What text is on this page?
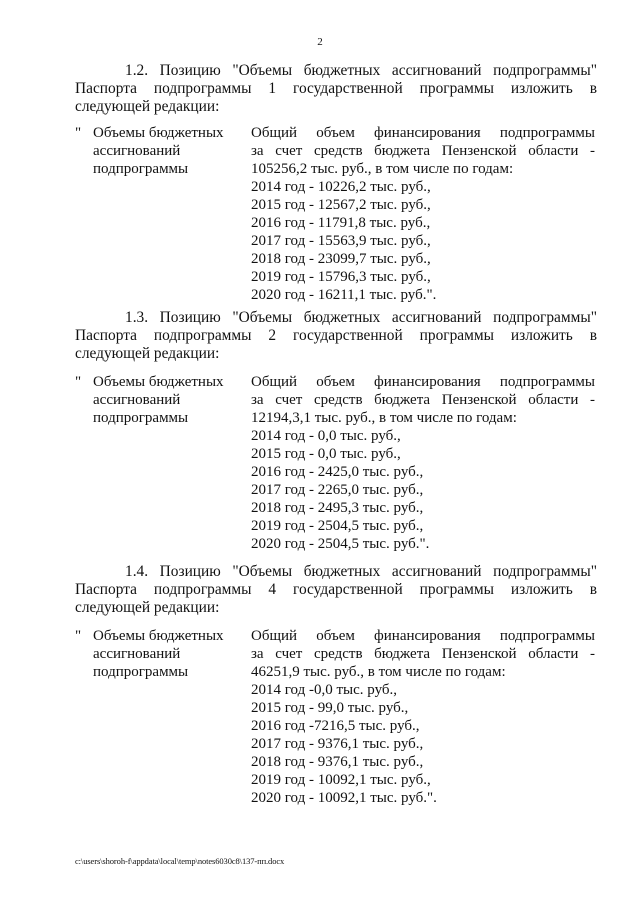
2

1.2. Позицию "Объемы бюджетных ассигнований подпрограммы"
Паспорта подпрограммы 1 государственной программы изложить в следующей редакции:

" Объемы бюджетных
ассигнований
подпрограммы
Общий объем финансирования подпрограммы
за счет средств бюджета Пензенской области -
105256,2 тыс. руб., в том числе по годам:
2014 год - 10226,2 тыс. руб.,
2015 год - 12567,2 тыс. руб.,
2016 год - 11791,8 тыс. руб.,
2017 год - 15563,9 тыс. руб.,
2018 год - 23099,7 тыс. руб.,
2019 год - 15796,3 тыс. руб.,
2020 год - 16211,1 тыс. руб.".

1.3. Позицию "Объемы бюджетных ассигнований подпрограммы"
Паспорта подпрограммы 2 государственной программы изложить в следующей редакции:

" Объемы бюджетных
ассигнований
подпрограммы
Общий объем финансирования подпрограммы
за счет средств бюджета Пензенской области -
12194,3,1 тыс. руб., в том числе по годам:
2014 год - 0,0 тыс. руб.,
2015 год - 0,0 тыс. руб.,
2016 год - 2425,0 тыс. руб.,
2017 год - 2265,0 тыс. руб.,
2018 год - 2495,3 тыс. руб.,
2019 год - 2504,5 тыс. руб.,
2020 год - 2504,5 тыс. руб.".

1.4. Позицию "Объемы бюджетных ассигнований подпрограммы"
Паспорта подпрограммы 4 государственной программы изложить в следующей редакции:

" Объемы бюджетных
ассигнований
подпрограммы
Общий объем финансирования подпрограммы
за счет средств бюджета Пензенской области -
46251,9 тыс. руб., в том числе по годам:
2014 год -0,0 тыс. руб.,
2015 год - 99,0 тыс. руб.,
2016 год -7216,5 тыс. руб.,
2017 год - 9376,1 тыс. руб.,
2018 год - 9376,1 тыс. руб.,
2019 год - 10092,1 тыс. руб.,
2020 год - 10092,1 тыс. руб.".
c:\users\shoroh-f\appdata\local\temp\notes6030c8\137-пп.docx
